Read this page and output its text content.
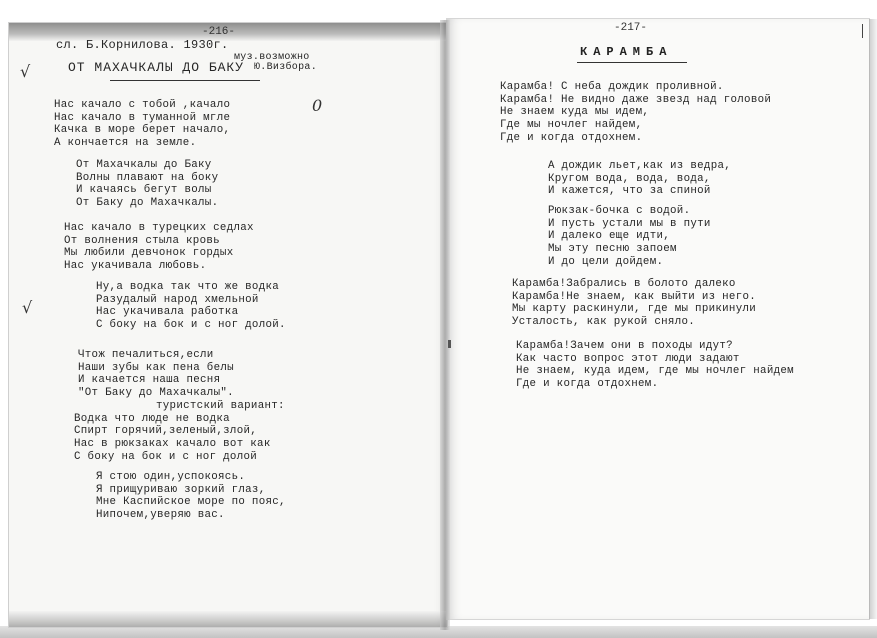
-216-
сл. Б.Корнилова. 1930г.
ОТ МАХАЧКАЛЫ ДО БАКУ
муз.возможно
Ю.Визбора.
√
√
0

Нас качало с тобой ,качало
Нас качало в туманной мгле
Качка в море берет начало,
А кончается на земле.

От Махачкалы до Баку
Волны плавают на боку
И качаясь бегут волы
От Баку до Махачкалы.

Нас качало в турецких седлах
От волнения стыла кровь
Мы любили девчонок гордых
Нас укачивала любовь.

Ну,а водка так что же водка
Разудалый народ хмельной
Нас укачивала работка
С боку на бок и с ног долой.

Чтож печалиться,если
Наши зубы как пена белы
И качается наша песня
"От Баку до Махачкалы".

туристский вариант:
Водка что люде не водка
Спирт горячий,зеленый,злой,
Нас в рюкзаках качало вот как
С боку на бок и с ног долой

Я стою один,успокоясь.
Я прищуриваю зоркий глаз,
Мне Каспийское море по пояс,
Нипочем,уверяю вас.
-217-
КАРАМБА

Карамба! С неба дождик проливной.
Карамба! Не видно даже звезд над головой
Не знаем куда мы идем,
Где мы ночлег найдем,
Где и когда отдохнем.

А дождик льет,как из ведра,
Кругом вода, вода, вода,
И кажется, что за спиной

Рюкзак-бочка с водой.
И пусть устали мы в пути
И далеко еще идти,
Мы эту песню запоем
И до цели дойдем.

Карамба!Забрались в болото далеко
Карамба!Не знаем, как выйти из него.
Мы карту раскинули, где мы прикинули
Усталость, как рукой сняло.

Карамба!Зачем они в походы идут?
Как часто вопрос этот люди задают
Не знаем, куда идем, где мы ночлег найдем
Где и когда отдохнем.
